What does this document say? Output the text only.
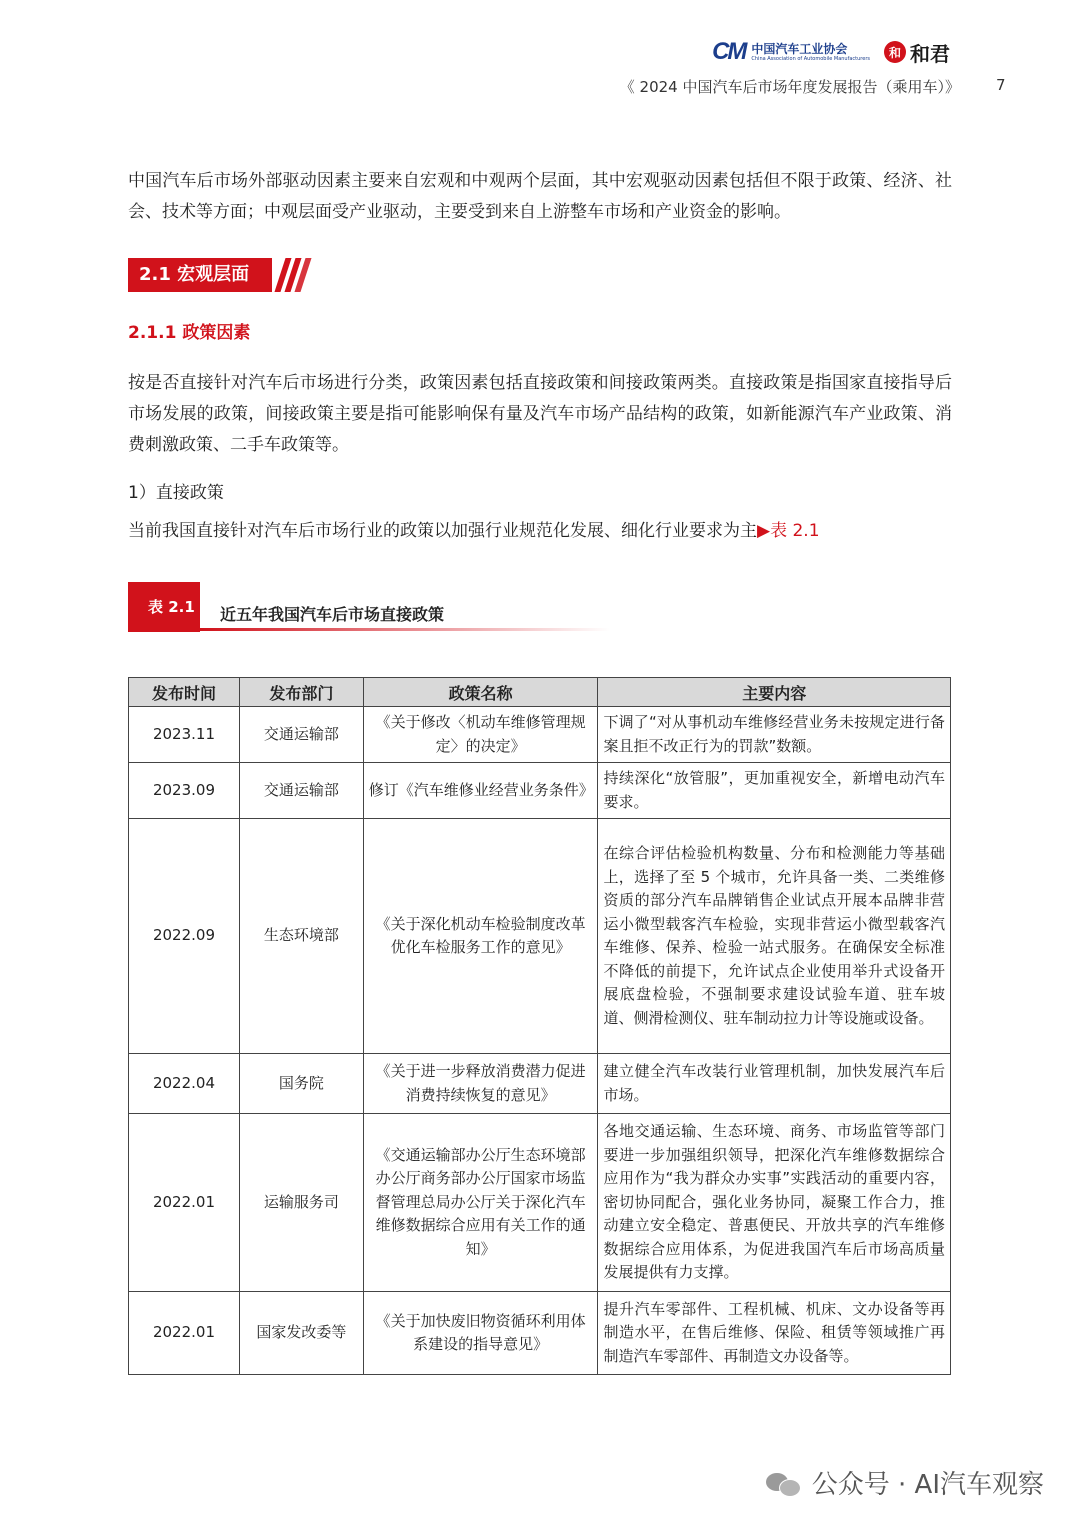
CM 中国汽车工业协会
China Association of Automobile Manufacturers	和 和君
《 2024 中国汽车后市场年度发展报告（乘用车）》 7
中国汽车后市场外部驱动因素主要来自宏观和中观两个层面，其中宏观驱动因素包括但不限于政策、经济、社会、技术等方面；中观层面受产业驱动，主要受到来自上游整车市场和产业资金的影响。
2.1 宏观层面
2.1.1 政策因素
按是否直接针对汽车后市场进行分类，政策因素包括直接政策和间接政策两类。直接政策是指国家直接指导后市场发展的政策，间接政策主要是指可能影响保有量及汽车市场产品结构的政策，如新能源汽车产业政策、消费刺激政策、二手车政策等。
1）直接政策
当前我国直接针对汽车后市场行业的政策以加强行业规范化发展、细化行业要求为主▶表 2.1
表 2.1 近五年我国汽车后市场直接政策
发布时间	发布部门	政策名称	主要内容
2023.11	交通运输部	《关于修改〈机动车维修管理规定〉的决定》	下调了“对从事机动车维修经营业务未按规定进行备案且拒不改正行为的罚款”数额。
2023.09	交通运输部	修订《汽车维修业经营业务条件》	持续深化“放管服”，更加重视安全，新增电动汽车要求。
2022.09	生态环境部	《关于深化机动车检验制度改革优化车检服务工作的意见》	在综合评估检验机构数量、分布和检测能力等基础上，选择了至 5 个城市，允许具备一类、二类维修资质的部分汽车品牌销售企业试点开展本品牌非营运小微型载客汽车检验，实现非营运小微型载客汽车维修、保养、检验一站式服务。在确保安全标准不降低的前提下，允许试点企业使用举升式设备开展底盘检验，不强制要求建设试验车道、驻车坡道、侧滑检测仪、驻车制动拉力计等设施或设备。
2022.04	国务院	《关于进一步释放消费潜力促进消费持续恢复的意见》	建立健全汽车改装行业管理机制，加快发展汽车后市场。
2022.01	运输服务司	《交通运输部办公厅生态环境部办公厅商务部办公厅国家市场监督管理总局办公厅关于深化汽车维修数据综合应用有关工作的通知》	各地交通运输、生态环境、商务、市场监管等部门要进一步加强组织领导，把深化汽车维修数据综合应用作为“我为群众办实事”实践活动的重要内容，密切协同配合，强化业务协同，凝聚工作合力，推动建立安全稳定、普惠便民、开放共享的汽车维修数据综合应用体系，为促进我国汽车后市场高质量发展提供有力支撑。
2022.01	国家发改委等	《关于加快废旧物资循环利用体系建设的指导意见》	提升汽车零部件、工程机械、机床、文办设备等再制造水平，在售后维修、保险、租赁等领域推广再制造汽车零部件、再制造文办设备等。
公众号 · AI汽车观察
